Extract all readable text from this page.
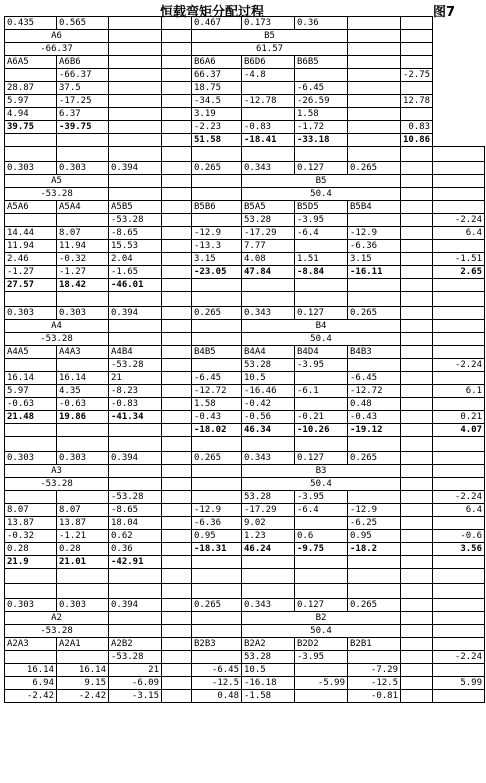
恒载弯矩分配过程	图7
0.435	0.565			0.467	0.173	0.36			
A6				B5					
-66.37				61.57					
A6A5	A6B6			B6A6	B6D6	B6B5			
	-66.37			66.37	-4.8			-2.75	
28.87	37.5			18.75		-6.45			
5.97	-17.25			-34.5	-12.78	-26.59		12.78	
4.94	6.37			3.19		1.58			
39.75	-39.75			-2.23	-0.83	-1.72		0.83	
				51.58	-18.41	-33.18		10.86	

0.303	0.303	0.394		0.265	0.343	0.127	0.265		
A5					B5				
-53.28					50.4				
A5A6	A5A4	A5B5		B5B6	B5A5	B5D5	B5B4		
		-53.28			53.28	-3.95			-2.24
14.44	8.07	-8.65		-12.9	-17.29	-6.4	-12.9		6.4
11.94	11.94	15.53		-13.3	7.77		-6.36		
2.46	-0.32	2.04		3.15	4.08	1.51	3.15		-1.51
-1.27	-1.27	-1.65		-23.05	47.84	-8.84	-16.11		2.65
27.57	18.42	-46.01							

0.303	0.303	0.394		0.265	0.343	0.127	0.265		
A4					B4				
-53.28					50.4				
A4A5	A4A3	A4B4		B4B5	B4A4	B4D4	B4B3		
		-53.28			53.28	-3.95			-2.24
16.14	16.14	21		-6.45	10.5		-6.45		
5.97	4.35	-8.23		-12.72	-16.46	-6.1	-12.72		6.1
-0.63	-0.63	-0.83		1.58	-0.42		0.48		
21.48	19.86	-41.34		-0.43	-0.56	-0.21	-0.43		0.21
				-18.02	46.34	-10.26	-19.12		4.07

0.303	0.303	0.394		0.265	0.343	0.127	0.265		
A3					B3				
-53.28					50.4				
		-53.28			53.28	-3.95			-2.24
8.07	8.07	-8.65		-12.9	-17.29	-6.4	-12.9		6.4
13.87	13.87	18.04		-6.36	9.02		-6.25		
-0.32	-1.21	0.62		0.95	1.23	0.6	0.95		-0.6
0.28	0.28	0.36		-18.31	46.24	-9.75	-18.2		3.56
21.9	21.01	-42.91							

0.303	0.303	0.394		0.265	0.343	0.127	0.265		
A2					B2				
-53.28					50.4				
A2A3	A2A1	A2B2		B2B3	B2A2	B2D2	B2B1		
		-53.28			53.28	-3.95			-2.24
16.14	16.14	21		-6.45	10.5		-7.29		
6.94	9.15	-6.09		-12.5	-16.18	-5.99	-12.5		5.99
-2.42	-2.42	-3.15		0.48	-1.58		-0.81		
